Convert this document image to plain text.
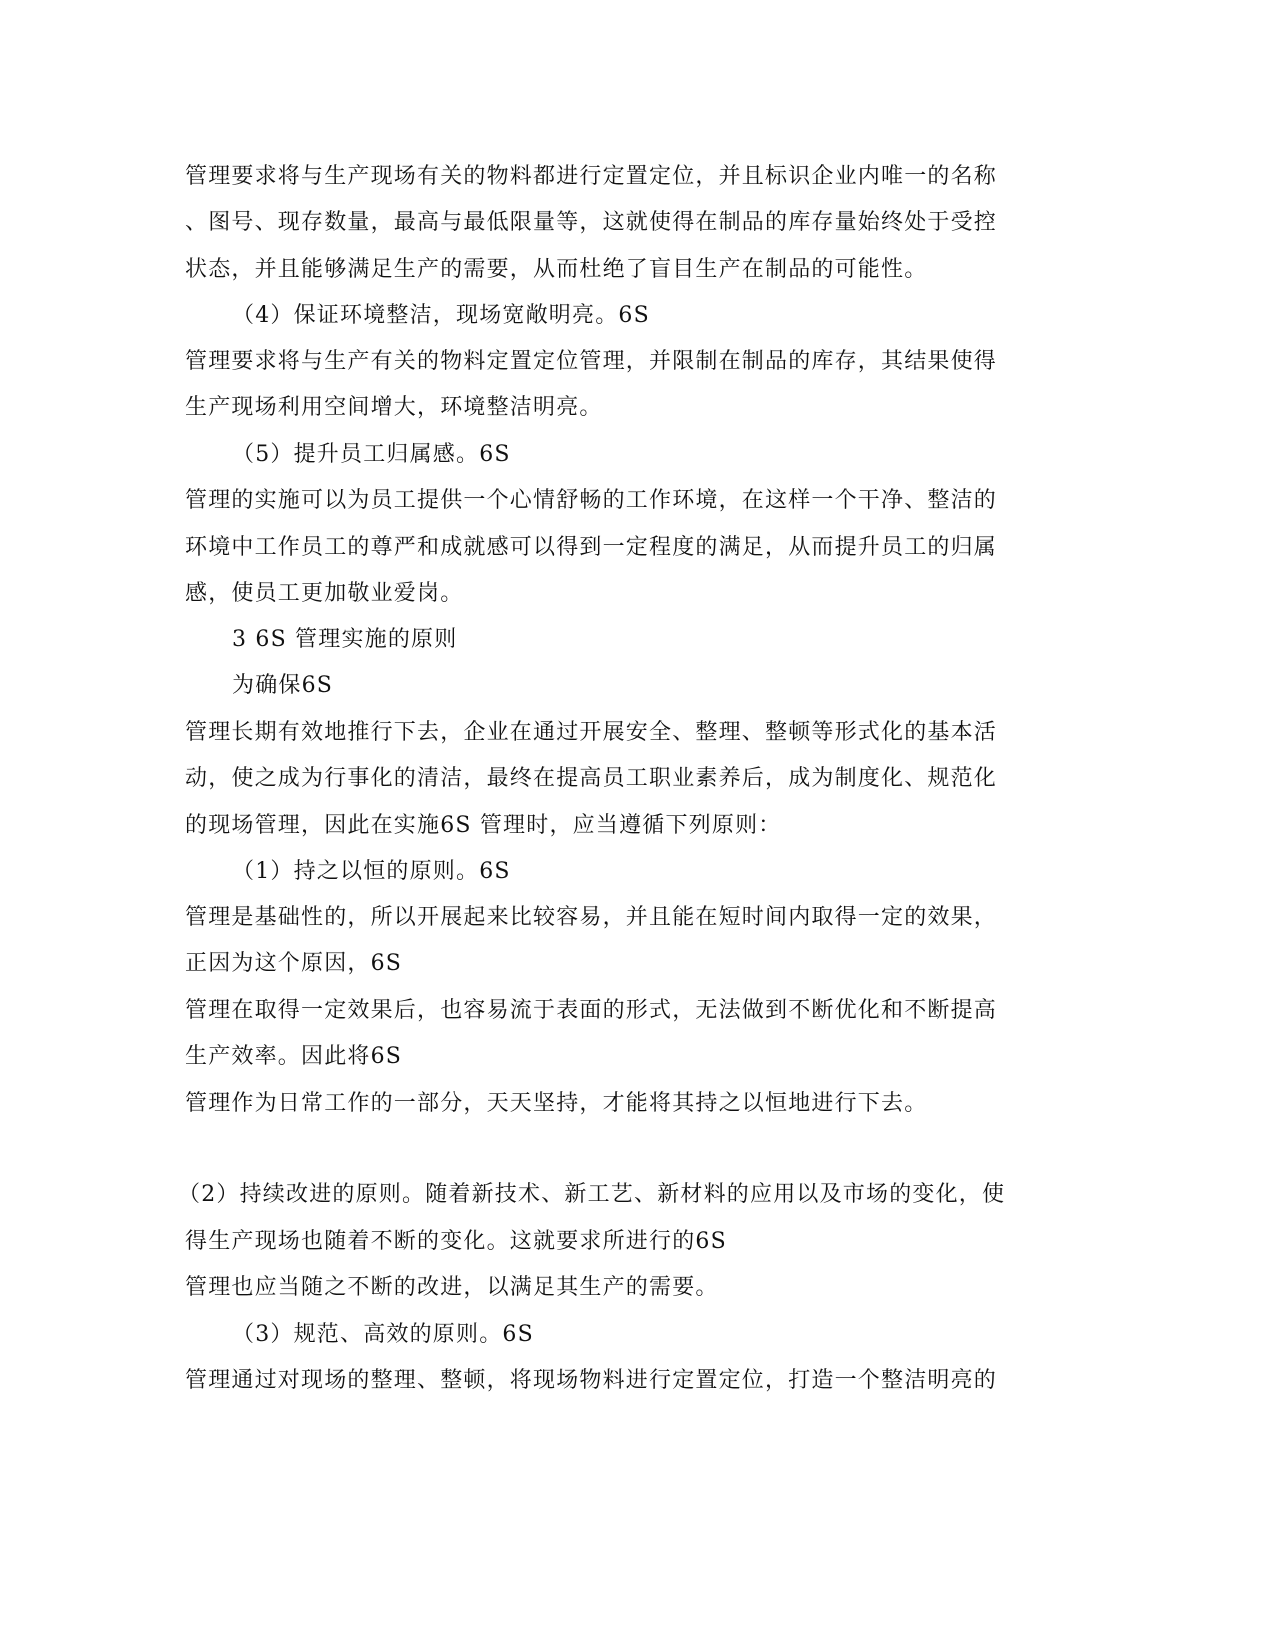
管理要求将与生产现场有关的物料都进行定置定位，并且标识企业内唯一的名称
、图号、现存数量，最高与最低限量等，这就使得在制品的库存量始终处于受控
状态，并且能够满足生产的需要，从而杜绝了盲目生产在制品的可能性。
（4）保证环境整洁，现场宽敞明亮。6S
管理要求将与生产有关的物料定置定位管理，并限制在制品的库存，其结果使得
生产现场利用空间增大，环境整洁明亮。
（5）提升员工归属感。6S
管理的实施可以为员工提供一个心情舒畅的工作环境，在这样一个干净、整洁的
环境中工作员工的尊严和成就感可以得到一定程度的满足，从而提升员工的归属
感，使员工更加敬业爱岗。
3 6S 管理实施的原则
为确保6S
管理长期有效地推行下去，企业在通过开展安全、整理、整顿等形式化的基本活
动，使之成为行事化的清洁，最终在提高员工职业素养后，成为制度化、规范化
的现场管理，因此在实施6S 管理时，应当遵循下列原则：
（1）持之以恒的原则。6S
管理是基础性的，所以开展起来比较容易，并且能在短时间内取得一定的效果，
正因为这个原因，6S
管理在取得一定效果后，也容易流于表面的形式，无法做到不断优化和不断提高
生产效率。因此将6S
管理作为日常工作的一部分，天天坚持，才能将其持之以恒地进行下去。
（2）持续改进的原则。随着新技术、新工艺、新材料的应用以及市场的变化，使
得生产现场也随着不断的变化。这就要求所进行的6S
管理也应当随之不断的改进，以满足其生产的需要。
（3）规范、高效的原则。6S
管理通过对现场的整理、整顿，将现场物料进行定置定位，打造一个整洁明亮的
